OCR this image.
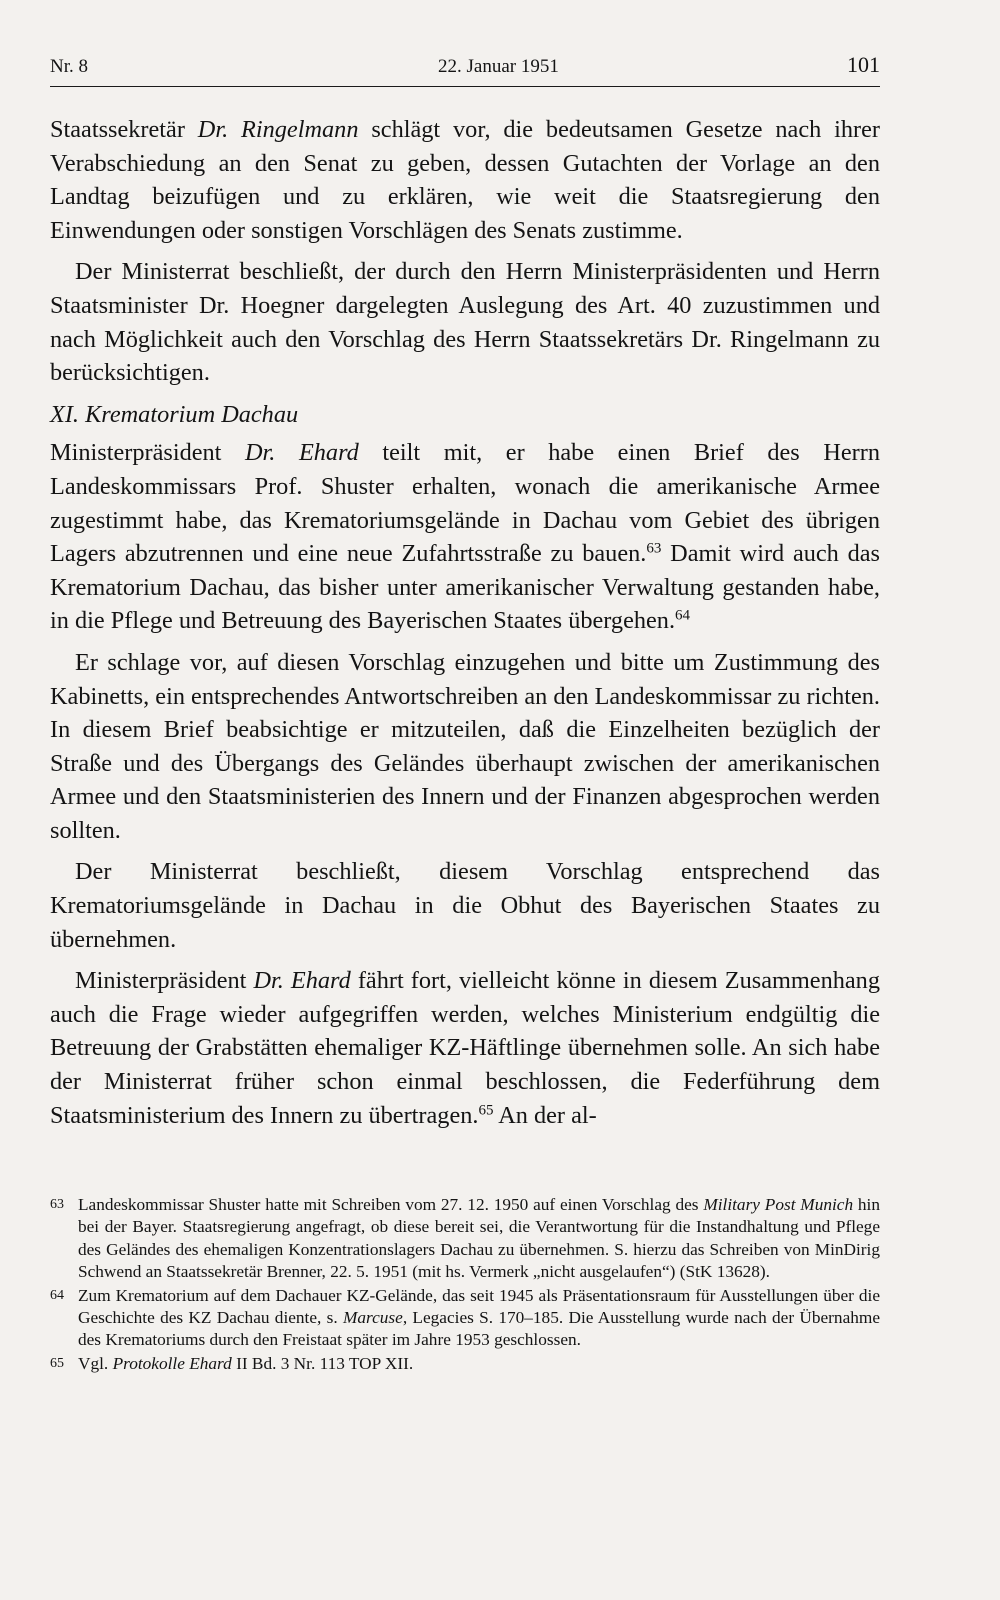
Nr. 8	22. Januar 1951	101

Staatssekretär Dr. Ringelmann schlägt vor, die bedeutsamen Gesetze nach ihrer Verabschiedung an den Senat zu geben, dessen Gutachten der Vorlage an den Landtag beizufügen und zu erklären, wie weit die Staatsregierung den Einwendungen oder sonstigen Vorschlägen des Senats zustimme.

Der Ministerrat beschließt, der durch den Herrn Ministerpräsidenten und Herrn Staatsminister Dr. Hoegner dargelegten Auslegung des Art. 40 zuzustimmen und nach Möglichkeit auch den Vorschlag des Herrn Staatssekretärs Dr. Ringelmann zu berücksichtigen.

XI. Krematorium Dachau

Ministerpräsident Dr. Ehard teilt mit, er habe einen Brief des Herrn Landeskommissars Prof. Shuster erhalten, wonach die amerikanische Armee zugestimmt habe, das Krematoriumsgelände in Dachau vom Gebiet des übrigen Lagers abzutrennen und eine neue Zufahrtsstraße zu bauen.$^{63}$ Damit wird auch das Krematorium Dachau, das bisher unter amerikanischer Verwaltung gestanden habe, in die Pflege und Betreuung des Bayerischen Staates übergehen.$^{64}$

Er schlage vor, auf diesen Vorschlag einzugehen und bitte um Zustimmung des Kabinetts, ein entsprechendes Antwortschreiben an den Landeskommissar zu richten. In diesem Brief beabsichtige er mitzuteilen, daß die Einzelheiten bezüglich der Straße und des Übergangs des Geländes überhaupt zwischen der amerikanischen Armee und den Staatsministerien des Innern und der Finanzen abgesprochen werden sollten.

Der Ministerrat beschließt, diesem Vorschlag entsprechend das Krematoriumsgelände in Dachau in die Obhut des Bayerischen Staates zu übernehmen.

Ministerpräsident Dr. Ehard fährt fort, vielleicht könne in diesem Zusammenhang auch die Frage wieder aufgegriffen werden, welches Ministerium endgültig die Betreuung der Grabstätten ehemaliger KZ-Häftlinge übernehmen solle. An sich habe der Ministerrat früher schon einmal beschlossen, die Federführung dem Staatsministerium des Innern zu übertragen.$^{65}$ An der al-

63 Landeskommissar Shuster hatte mit Schreiben vom 27. 12. 1950 auf einen Vorschlag des Military Post Munich hin bei der Bayer. Staatsregierung angefragt, ob diese bereit sei, die Verantwortung für die Instandhaltung und Pflege des Geländes des ehemaligen Konzentrationslagers Dachau zu übernehmen. S. hierzu das Schreiben von MinDirig Schwend an Staatssekretär Brenner, 22. 5. 1951 (mit hs. Vermerk „nicht ausgelaufen“) (StK 13628).
64 Zum Krematorium auf dem Dachauer KZ-Gelände, das seit 1945 als Präsentationsraum für Ausstellungen über die Geschichte des KZ Dachau diente, s. Marcuse, Legacies S. 170–185. Die Ausstellung wurde nach der Übernahme des Krematoriums durch den Freistaat später im Jahre 1953 geschlossen.
65 Vgl. Protokolle Ehard II Bd. 3 Nr. 113 TOP XII.
